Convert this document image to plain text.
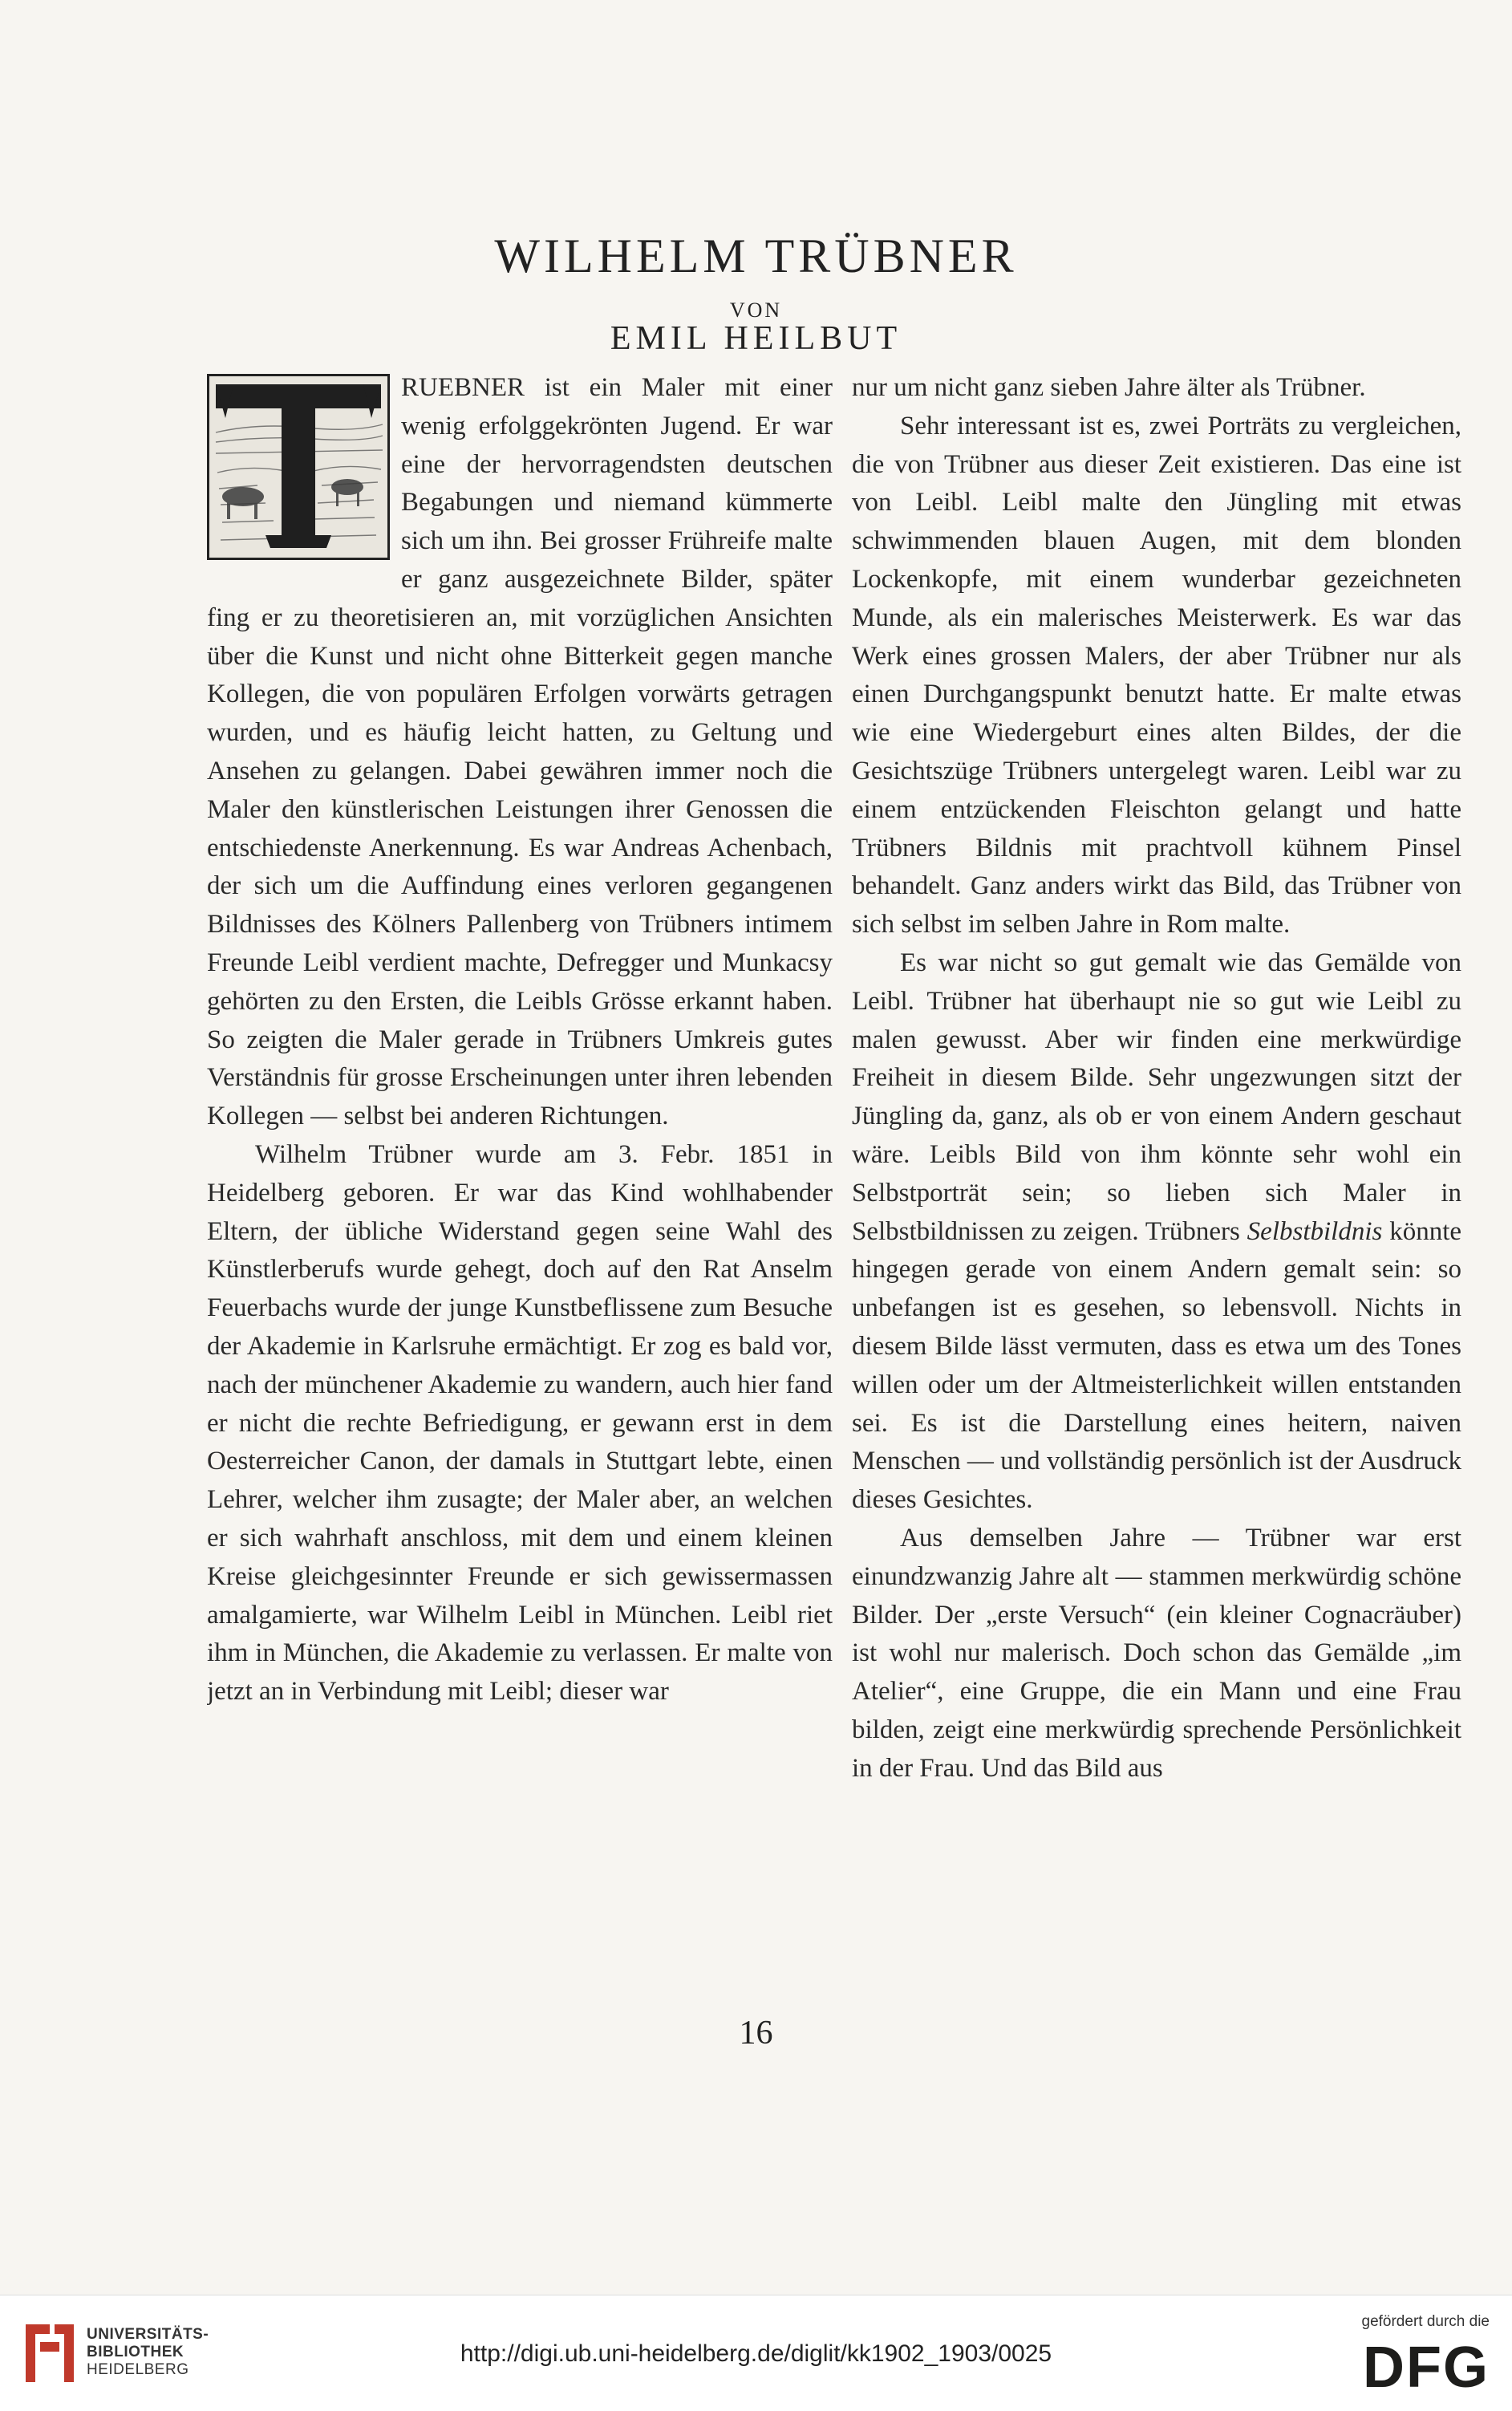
WILHELM TRÜBNER
VON
EMIL HEILBUT

RUEBNER ist ein Maler mit einer wenig erfolggekrönten Jugend. Er war eine der hervorragendsten deutschen Begabungen und niemand kümmerte sich um ihn. Bei grosser Frühreife malte er ganz ausgezeichnete Bilder, später fing er zu theoretisieren an, mit vorzüglichen Ansichten über die Kunst und nicht ohne Bitterkeit gegen manche Kollegen, die von populären Erfolgen vorwärts getragen wurden, und es häufig leicht hatten, zu Geltung und Ansehen zu gelangen. Dabei gewähren immer noch die Maler den künstlerischen Leistungen ihrer Genossen die entschiedenste Anerkennung. Es war Andreas Achenbach, der sich um die Auffindung eines verloren gegangenen Bildnisses des Kölners Pallenberg von Trübners intimem Freunde Leibl verdient machte, Defregger und Munkacsy gehörten zu den Ersten, die Leibls Grösse erkannt haben. So zeigten die Maler gerade in Trübners Umkreis gutes Verständnis für grosse Erscheinungen unter ihren lebenden Kollegen — selbst bei anderen Richtungen.

Wilhelm Trübner wurde am 3. Febr. 1851 in Heidelberg geboren. Er war das Kind wohlhabender Eltern, der übliche Widerstand gegen seine Wahl des Künstlerberufs wurde gehegt, doch auf den Rat Anselm Feuerbachs wurde der junge Kunstbeflissene zum Besuche der Akademie in Karlsruhe ermächtigt. Er zog es bald vor, nach der münchener Akademie zu wandern, auch hier fand er nicht die rechte Befriedigung, er gewann erst in dem Oesterreicher Canon, der damals in Stuttgart lebte, einen Lehrer, welcher ihm zusagte; der Maler aber, an welchen er sich wahrhaft anschloss, mit dem und einem kleinen Kreise gleichgesinnter Freunde er sich gewissermassen amalgamierte, war Wilhelm Leibl in München. Leibl riet ihm in München, die Akademie zu verlassen. Er malte von jetzt an in Verbindung mit Leibl; dieser war

nur um nicht ganz sieben Jahre älter als Trübner.

Sehr interessant ist es, zwei Porträts zu vergleichen, die von Trübner aus dieser Zeit existieren. Das eine ist von Leibl. Leibl malte den Jüngling mit etwas schwimmenden blauen Augen, mit dem blonden Lockenkopfe, mit einem wunderbar gezeichneten Munde, als ein malerisches Meisterwerk. Es war das Werk eines grossen Malers, der aber Trübner nur als einen Durchgangspunkt benutzt hatte. Er malte etwas wie eine Wiedergeburt eines alten Bildes, der die Gesichtszüge Trübners untergelegt waren. Leibl war zu einem entzückenden Fleischton gelangt und hatte Trübners Bildnis mit prachtvoll kühnem Pinsel behandelt. Ganz anders wirkt das Bild, das Trübner von sich selbst im selben Jahre in Rom malte.

Es war nicht so gut gemalt wie das Gemälde von Leibl. Trübner hat überhaupt nie so gut wie Leibl zu malen gewusst. Aber wir finden eine merkwürdige Freiheit in diesem Bilde. Sehr ungezwungen sitzt der Jüngling da, ganz, als ob er von einem Andern geschaut wäre. Leibls Bild von ihm könnte sehr wohl ein Selbstporträt sein; so lieben sich Maler in Selbstbildnissen zu zeigen. Trübners Selbstbildnis könnte hingegen gerade von einem Andern gemalt sein: so unbefangen ist es gesehen, so lebensvoll. Nichts in diesem Bilde lässt vermuten, dass es etwa um des Tones willen oder um der Altmeisterlichkeit willen entstanden sei. Es ist die Darstellung eines heitern, naiven Menschen — und vollständig persönlich ist der Ausdruck dieses Gesichtes.

Aus demselben Jahre — Trübner war erst einundzwanzig Jahre alt — stammen merkwürdig schöne Bilder. Der „erste Versuch“ (ein kleiner Cognacräuber) ist wohl nur malerisch. Doch schon das Gemälde „im Atelier“, eine Gruppe, die ein Mann und eine Frau bilden, zeigt eine merkwürdig sprechende Persönlichkeit in der Frau. Und das Bild aus

16
UNIVERSITÄTS-
BIBLIOTHEK
HEIDELBERG
http://digi.ub.uni-heidelberg.de/diglit/kk1902_1903/0025
gefördert durch die
DFG
